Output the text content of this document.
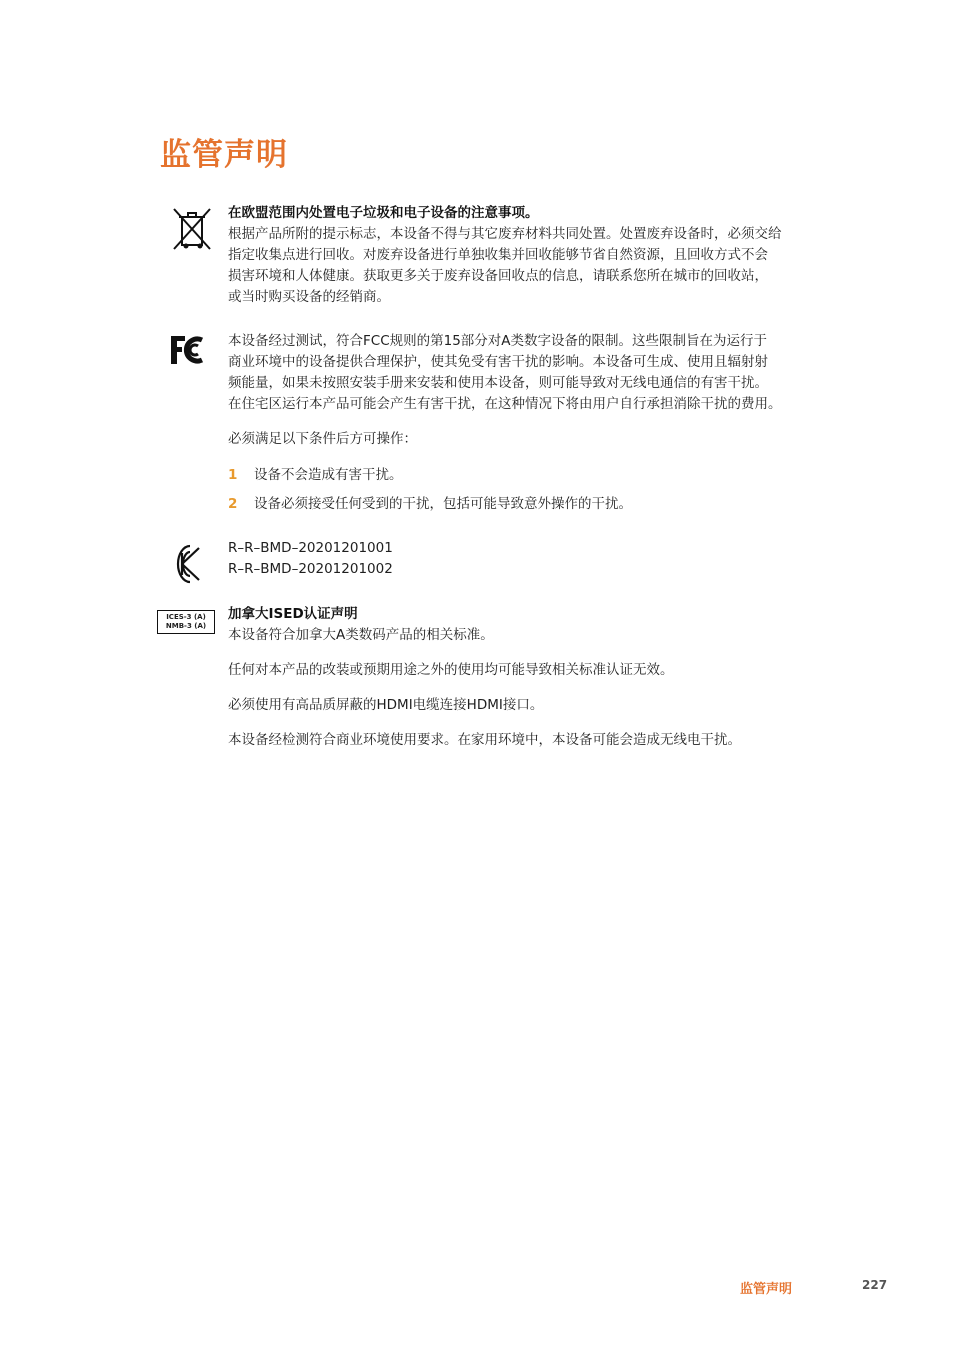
监管声明
在欧盟范围内处置电子垃圾和电子设备的注意事项。

根据产品所附的提示标志，本设备不得与其它废弃材料共同处置。处置废弃设备时，必须交给

指定收集点进行回收。对废弃设备进行单独收集并回收能够节省自然资源，且回收方式不会

损害环境和人体健康。获取更多关于废弃设备回收点的信息，请联系您所在城市的回收站，

或当时购买设备的经销商。

本设备经过测试，符合FCC规则的第15部分对A类数字设备的限制。这些限制旨在为运行于

商业环境中的设备提供合理保护，使其免受有害干扰的影响。本设备可生成、使用且辐射射

频能量，如果未按照安装手册来安装和使用本设备，则可能导致对无线电通信的有害干扰。

在住宅区运行本产品可能会产生有害干扰，在这种情况下将由用户自行承担消除干扰的费用。

必须满足以下条件后方可操作：

1 设备不会造成有害干扰。
2 设备必须接受任何受到的干扰，包括可能导致意外操作的干扰。

R–R–BMD–20201201001

R–R–BMD–20201201002

ICES-3 (A)
NMB-3 (A)
加拿大ISED认证声明

本设备符合加拿大A类数码产品的相关标准。

任何对本产品的改装或预期用途之外的使用均可能导致相关标准认证无效。

必须使用有高品质屏蔽的HDMI电缆连接HDMI接口。

本设备经检测符合商业环境使用要求。在家用环境中，本设备可能会造成无线电干扰。

监管声明	227
